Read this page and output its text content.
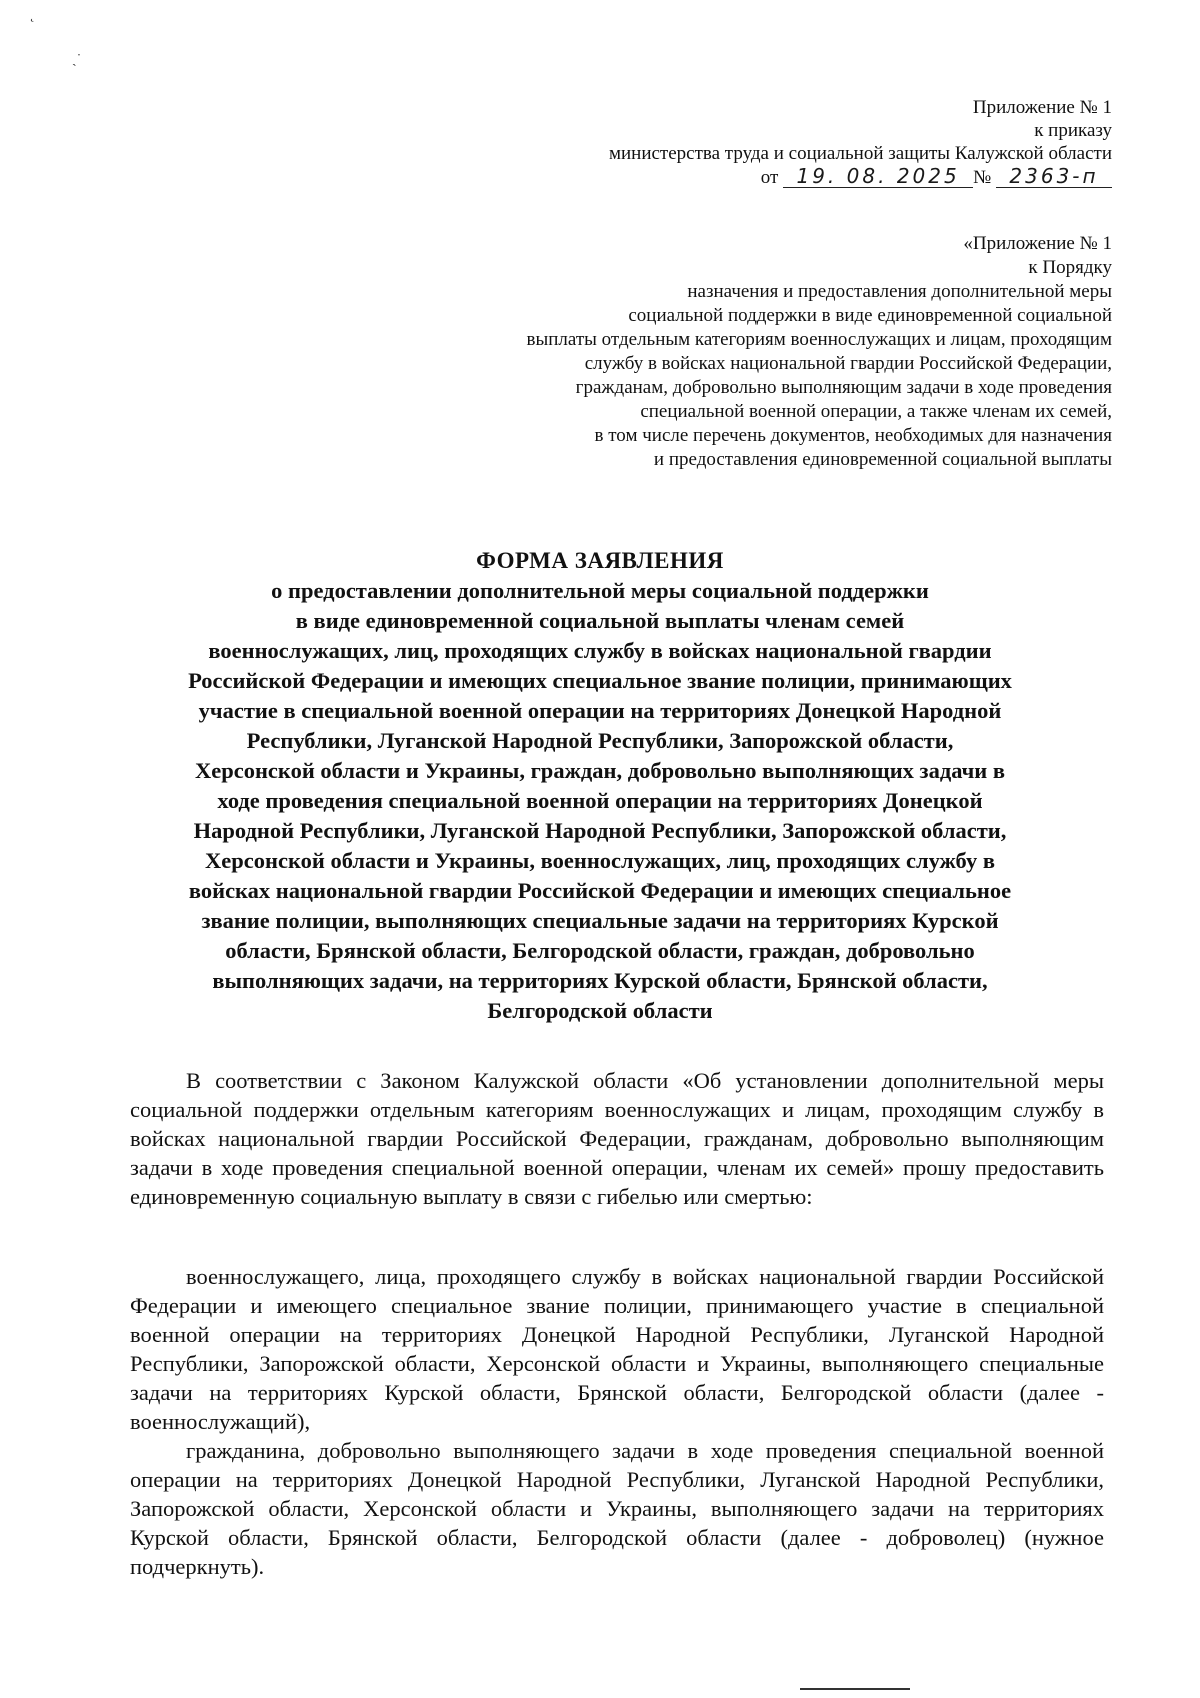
˛
ˏ˙
Приложение № 1
к приказу
министерства труда и социальной защиты Калужской области
от 19. 08. 2025 № 2363-п

«Приложение № 1

к Порядку

назначения и предоставления дополнительной меры

социальной поддержки в виде единовременной социальной

выплаты отдельным категориям военнослужащих и лицам, проходящим

службу в войсках национальной гвардии Российской Федерации,

гражданам, добровольно выполняющим задачи в ходе проведения

специальной военной операции, а также членам их семей,

в том числе перечень документов, необходимых для назначения

и предоставления единовременной социальной выплаты

ФОРМА ЗАЯВЛЕНИЯ
о предоставлении дополнительной меры социальной поддержки
в виде единовременной социальной выплаты членам семей
военнослужащих, лиц, проходящих службу в войсках национальной гвардии
Российской Федерации и имеющих специальное звание полиции, принимающих
участие в специальной военной операции на территориях Донецкой Народной
Республики, Луганской Народной Республики, Запорожской области,
Херсонской области и Украины, граждан, добровольно выполняющих задачи в
ходе проведения специальной военной операции на территориях Донецкой
Народной Республики, Луганской Народной Республики, Запорожской области,
Херсонской области и Украины, военнослужащих, лиц, проходящих службу в
войсках национальной гвардии Российской Федерации и имеющих специальное
звание полиции, выполняющих специальные задачи на территориях Курской
области, Брянской области, Белгородской области, граждан, добровольно
выполняющих задачи, на территориях Курской области, Брянской области,
Белгородской области

В соответствии с Законом Калужской области «Об установлении дополнительной меры социальной поддержки отдельным категориям военнослужащих и лицам, проходящим службу в войсках национальной гвардии Российской Федерации, гражданам, добровольно выполняющим задачи в ходе проведения специальной военной операции, членам их семей» прошу предоставить единовременную социальную выплату в связи с гибелью или смертью:

военнослужащего, лица, проходящего службу в войсках национальной гвардии Российской Федерации и имеющего специальное звание полиции, принимающего участие в специальной военной операции на территориях Донецкой Народной Республики, Луганской Народной Республики, Запорожской области, Херсонской области и Украины, выполняющего специальные задачи на территориях Курской области, Брянской области, Белгородской области (далее - военнослужащий),

гражданина, добровольно выполняющего задачи в ходе проведения специальной военной операции на территориях Донецкой Народной Республики, Луганской Народной Республики, Запорожской области, Херсонской области и Украины, выполняющего задачи на территориях Курской области, Брянской области, Белгородской области (далее - доброволец) (нужное подчеркнуть).
